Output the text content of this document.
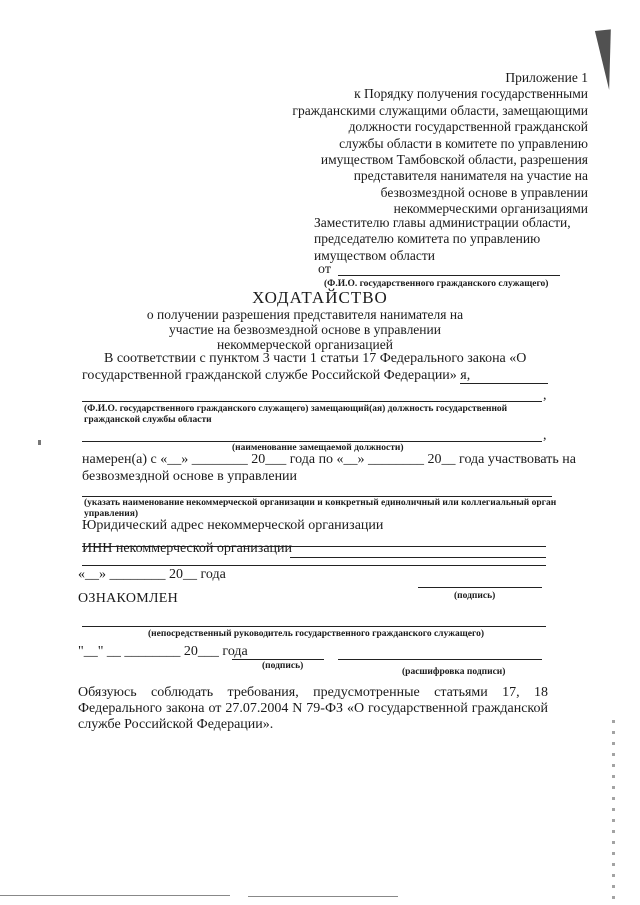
Приложение 1
к Порядку получения государственными
гражданскими служащими области, замещающими
должности государственной гражданской
службы области в комитете по управлению
имуществом Тамбовской области, разрешения
представителя нанимателя на участие на
безвозмездной основе в управлении
некоммерческими организациями
Заместителю главы администрации области,
председателю комитета по управлению
имуществом области
от
(Ф.И.О. государственного гражданского служащего)
ХОДАТАЙСТВО
о получении разрешения представителя нанимателя на
участие на безвозмездной основе в управлении
некоммерческой организацией
В соответствии с пунктом 3 части 1 статьи 17 Федерального закона «О
государственной гражданской службе Российской Федерации» я,
,
(Ф.И.О. государственного гражданского служащего) замещающий(ая) должность государственной
гражданской службы области
,
(наименование замещаемой должности)
намерен(а) с «__» ________ 20___ года по «__» ________ 20__ года участвовать на
безвозмездной основе в управлении
(указать наименование некоммерческой организации и конкретный единоличный или коллегиальный орган
управления)
Юридический адрес некоммерческой организации
ИНН некоммерческой организации
«__» ________ 20__ года
(подпись)
ОЗНАКОМЛЕН
(непосредственный руководитель государственного гражданского служащего)
"__" __ ________ 20___ года
(подпись)
(расшифровка подписи)
Обязуюсь соблюдать требования, предусмотренные статьями 17, 18 Федерального закона от 27.07.2004 N 79-ФЗ «О государственной гражданской службе Российской Федерации».
